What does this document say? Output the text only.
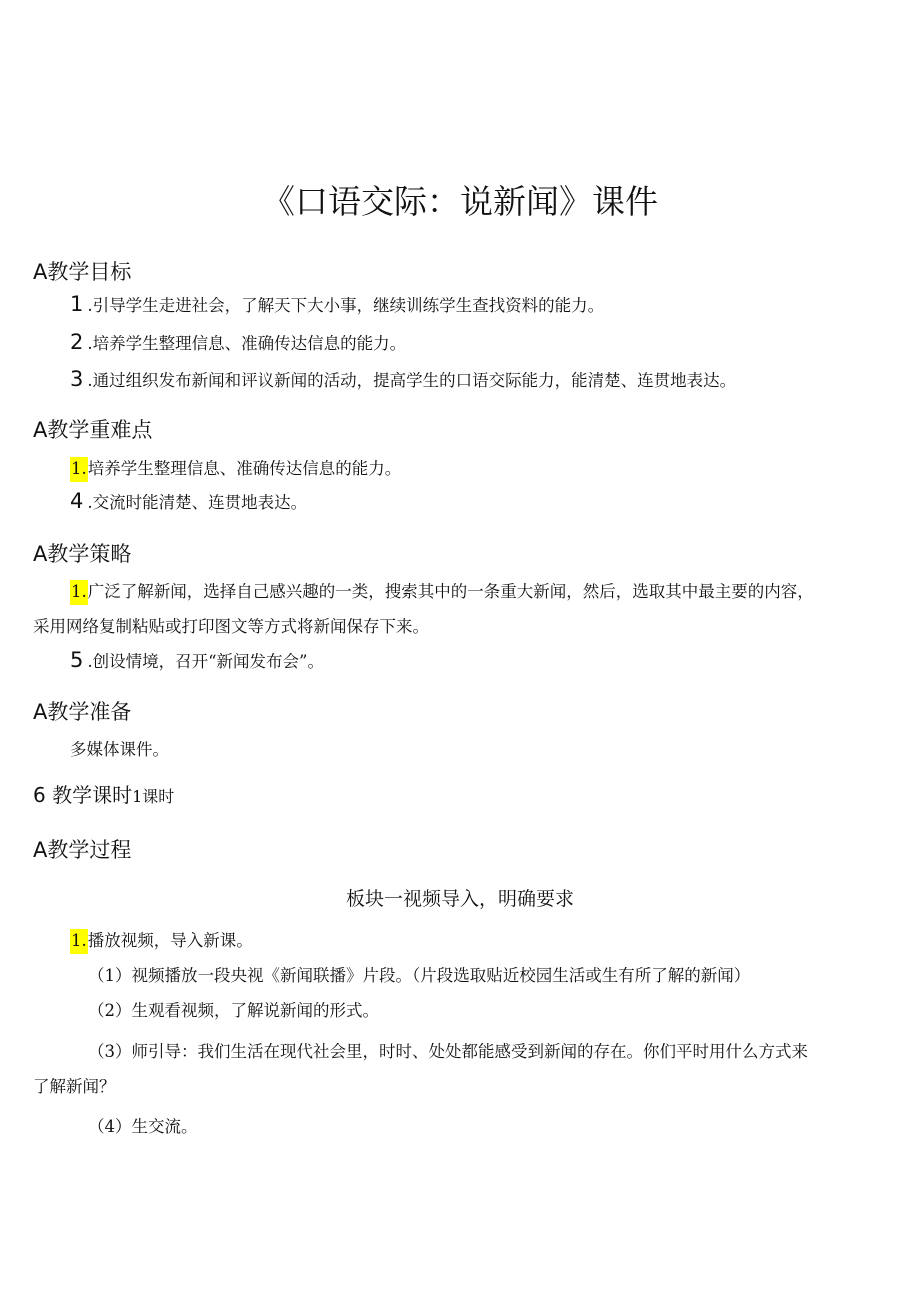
《口语交际：说新闻》课件
A教学目标
1 .引导学生走进社会，了解天下大小事，继续训练学生查找资料的能力。
2 .培养学生整理信息、准确传达信息的能力。
3 .通过组织发布新闻和评议新闻的活动，提高学生的口语交际能力，能清楚、连贯地表达。
A教学重难点
1.培养学生整理信息、准确传达信息的能力。
4 .交流时能清楚、连贯地表达。
A教学策略
1.广泛了解新闻，选择自己感兴趣的一类，搜索其中的一条重大新闻，然后，选取其中最主要的内容，
采用网络复制粘贴或打印图文等方式将新闻保存下来。
5 .创设情境，召开“新闻发布会”。
A教学准备
多媒体课件。
6 教学课时1课时
A教学过程
板块一视频导入，明确要求
1.播放视频，导入新课。
（1）视频播放一段央视《新闻联播》片段。（片段选取贴近校园生活或生有所了解的新闻）
（2）生观看视频，了解说新闻的形式。
（3）师引导：我们生活在现代社会里，时时、处处都能感受到新闻的存在。你们平时用什么方式来
了解新闻？
（4）生交流。
